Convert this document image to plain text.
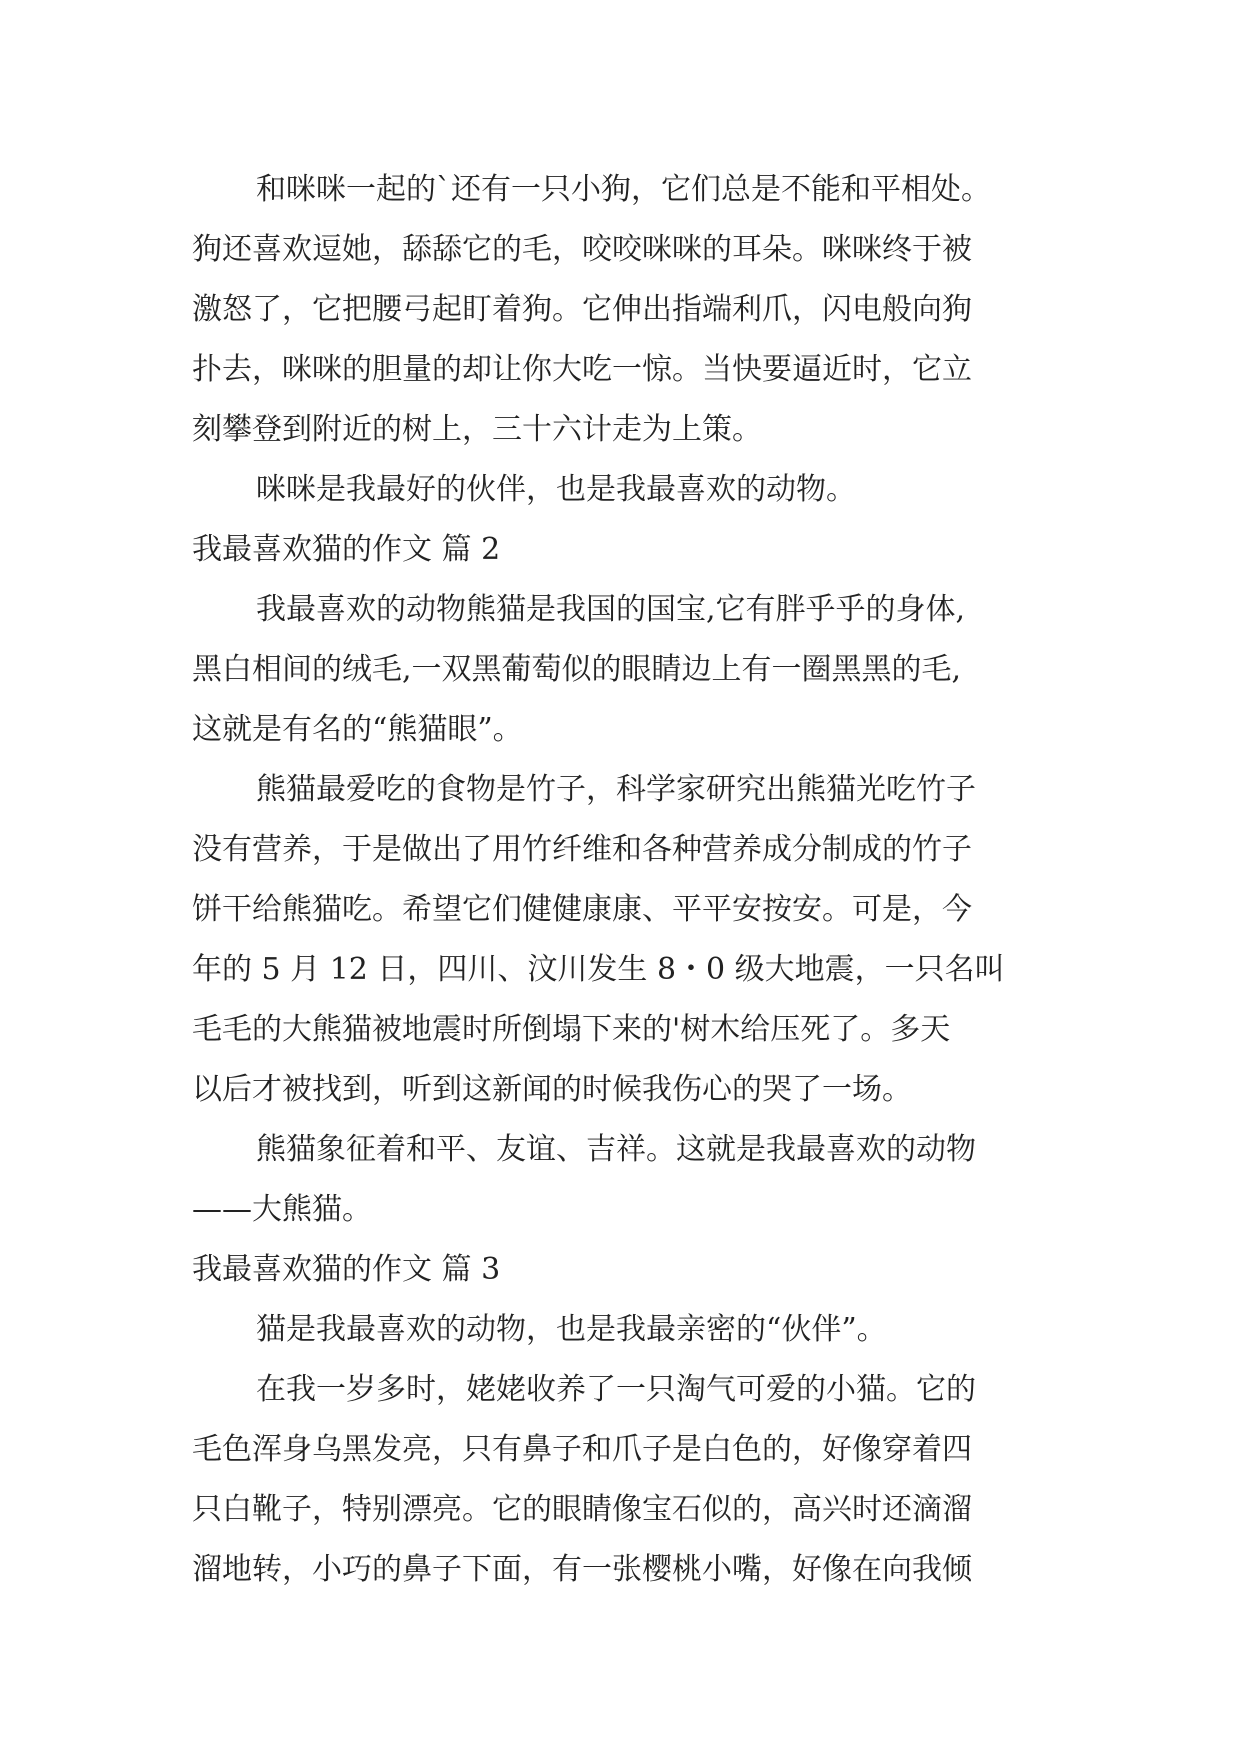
和咪咪一起的`还有一只小狗，它们总是不能和平相处。
狗还喜欢逗她，舔舔它的毛，咬咬咪咪的耳朵。咪咪终于被
激怒了，它把腰弓起盯着狗。它伸出指端利爪，闪电般向狗
扑去，咪咪的胆量的却让你大吃一惊。当快要逼近时，它立
刻攀登到附近的树上，三十六计走为上策。
咪咪是我最好的伙伴，也是我最喜欢的动物。
我最喜欢猫的作文 篇 2
我最喜欢的动物熊猫是我国的国宝,它有胖乎乎的身体,
黑白相间的绒毛,一双黑葡萄似的眼睛边上有一圈黑黑的毛,
这就是有名的“熊猫眼”。
熊猫最爱吃的食物是竹子，科学家研究出熊猫光吃竹子
没有营养，于是做出了用竹纤维和各种营养成分制成的竹子
饼干给熊猫吃。希望它们健健康康、平平安按安。可是，今
年的 5 月 12 日，四川、汶川发生 8・0 级大地震，一只名叫
毛毛的大熊猫被地震时所倒塌下来的'树木给压死了。多天
以后才被找到，听到这新闻的时候我伤心的哭了一场。
熊猫象征着和平、友谊、吉祥。这就是我最喜欢的动物
——大熊猫。
我最喜欢猫的作文 篇 3
猫是我最喜欢的动物，也是我最亲密的“伙伴”。
在我一岁多时，姥姥收养了一只淘气可爱的小猫。它的
毛色浑身乌黑发亮，只有鼻子和爪子是白色的，好像穿着四
只白靴子，特别漂亮。它的眼睛像宝石似的，高兴时还滴溜
溜地转，小巧的鼻子下面，有一张樱桃小嘴，好像在向我倾
